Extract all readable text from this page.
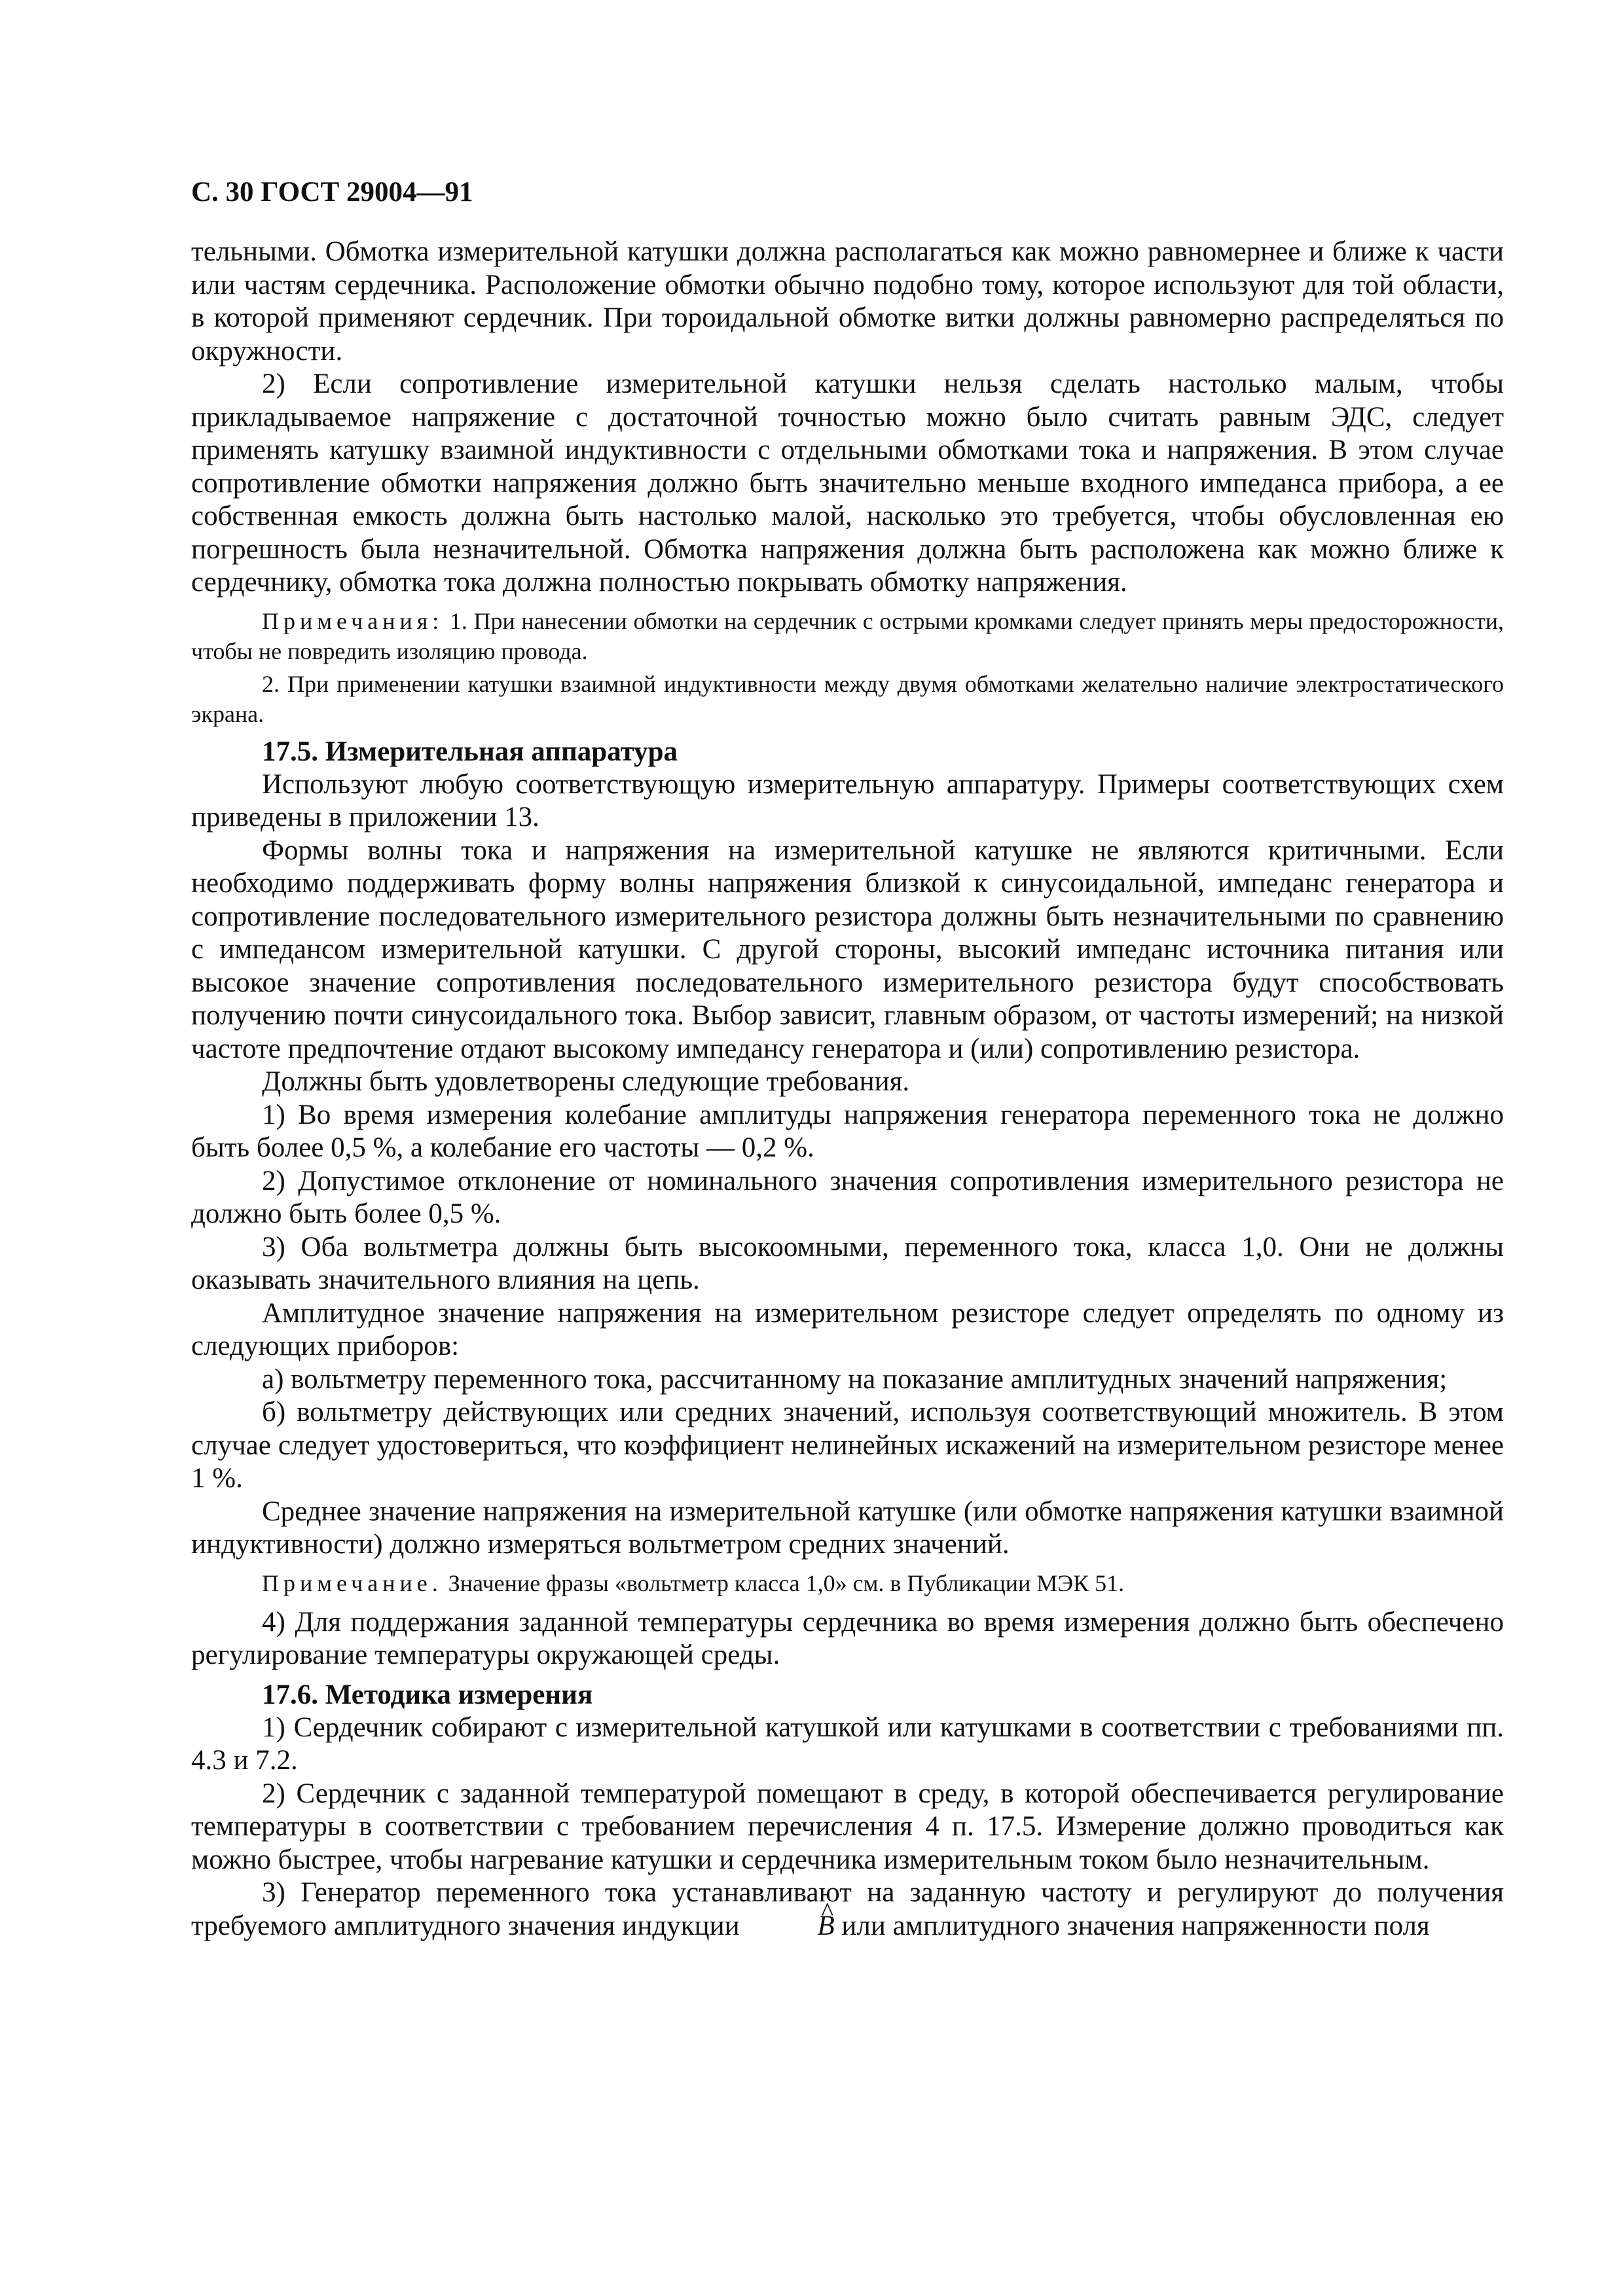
С. 30 ГОСТ 29004—91

тельными. Обмотка измерительной катушки должна располагаться как можно равномернее и ближе к части или частям сердечника. Расположение обмотки обычно подобно тому, которое используют для той области, в которой применяют сердечник. При тороидальной обмотке витки должны равномерно распределяться по окружности.

2) Если сопротивление измерительной катушки нельзя сделать настолько малым, чтобы прикладываемое напряжение с достаточной точностью можно было считать равным ЭДС, следует применять катушку взаимной индуктивности с отдельными обмотками тока и напряжения. В этом случае сопротивление обмотки напряжения должно быть значительно меньше входного импеданса прибора, а ее собственная емкость должна быть настолько малой, насколько это требуется, чтобы обусловленная ею погрешность была незначительной. Обмотка напряжения должна быть расположена как можно ближе к сердечнику, обмотка тока должна полностью покрывать обмотку напряжения.

Примечания: 1. При нанесении обмотки на сердечник с острыми кромками следует принять меры предосторожности, чтобы не повредить изоляцию провода.

2. При применении катушки взаимной индуктивности между двумя обмотками желательно наличие электростатического экрана.

17.5. Измерительная аппаратура

Используют любую соответствующую измерительную аппаратуру. Примеры соответствующих схем приведены в приложении 13.

Формы волны тока и напряжения на измерительной катушке не являются критичными. Если необходимо поддерживать форму волны напряжения близкой к синусоидальной, импеданс генератора и сопротивление последовательного измерительного резистора должны быть незначительными по сравнению с импедансом измерительной катушки. С другой стороны, высокий импеданс источника питания или высокое значение сопротивления последовательного измерительного резистора будут способствовать получению почти синусоидального тока. Выбор зависит, главным образом, от частоты измерений; на низкой частоте предпочтение отдают высокому импедансу генератора и (или) сопротивлению резистора.

Должны быть удовлетворены следующие требования.

1) Во время измерения колебание амплитуды напряжения генератора переменного тока не должно быть более 0,5 %, а колебание его частоты — 0,2 %.

2) Допустимое отклонение от номинального значения сопротивления измерительного резистора не должно быть более 0,5 %.

3) Оба вольтметра должны быть высокоомными, переменного тока, класса 1,0. Они не должны оказывать значительного влияния на цепь.

Амплитудное значение напряжения на измерительном резисторе следует определять по одному из следующих приборов:

а) вольтметру переменного тока, рассчитанному на показание амплитудных значений напряжения;

б) вольтметру действующих или средних значений, используя соответствующий множитель. В этом случае следует удостовериться, что коэффициент нелинейных искажений на измерительном резисторе менее 1 %.

Среднее значение напряжения на измерительной катушке (или обмотке напряжения катушки взаимной индуктивности) должно измеряться вольтметром средних значений.

Примечание. Значение фразы «вольтметр класса 1,0» см. в Публикации МЭК 51.

4) Для поддержания заданной температуры сердечника во время измерения должно быть обеспечено регулирование температуры окружающей среды.

17.6. Методика измерения

1) Сердечник собирают с измерительной катушкой или катушками в соответствии с требованиями пп. 4.3 и 7.2.

2) Сердечник с заданной температурой помещают в среду, в которой обеспечивается регулирование температуры в соответствии с требованием перечисления 4 п. 17.5. Измерение должно проводиться как можно быстрее, чтобы нагревание катушки и сердечника измерительным током было незначительным.

3) Генератор переменного тока устанавливают на заданную частоту и регулируют до получения требуемого амплитудного значения индукции ^	B или амплитудного значения напряженности поля
